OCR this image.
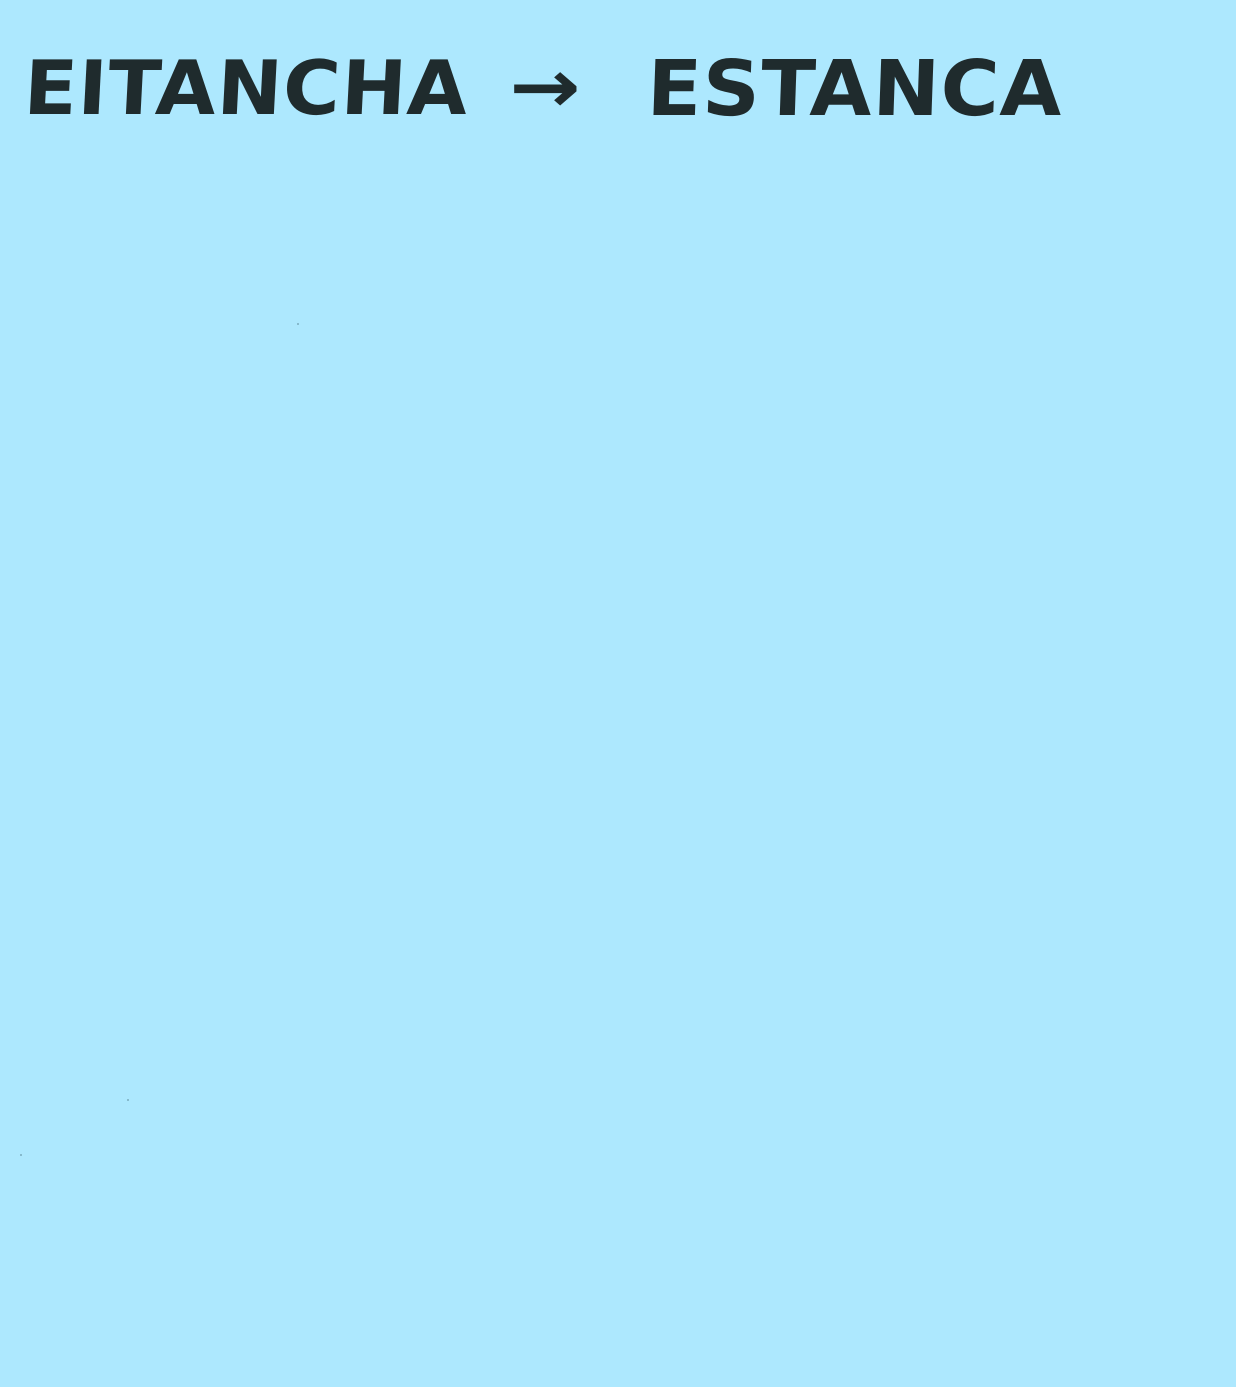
EITANCHA → ESTANCA
